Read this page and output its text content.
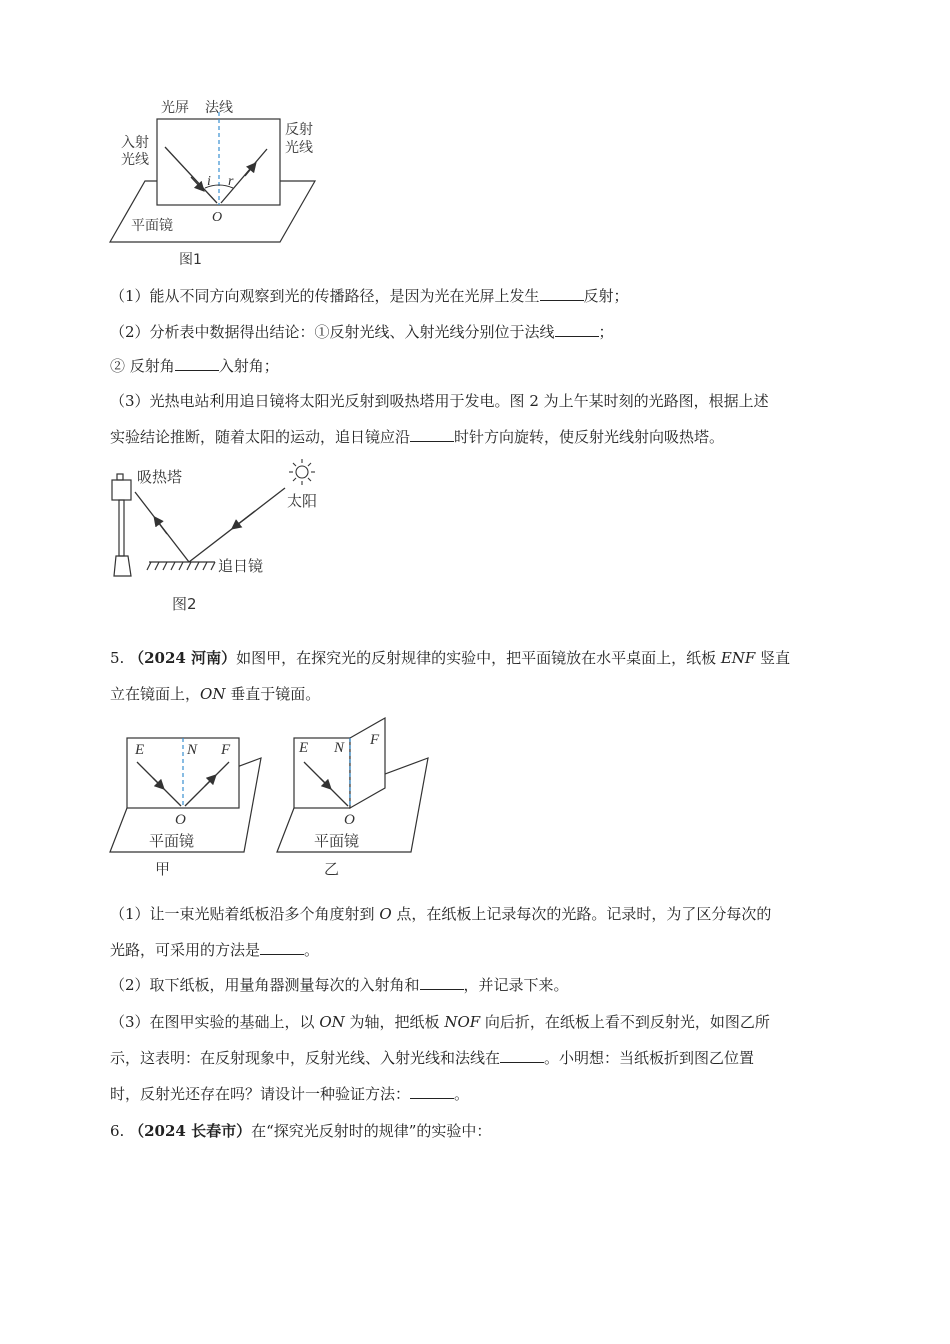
光屏 法线
入射
光线
反射
光线
i r
O
平面镜
图1
（1）能从不同方向观察到光的传播路径，是因为光在光屏上发生	反射；
（2）分析表中数据得出结论：①反射光线、入射光线分别位于法线	；
② 反射角	入射角；
（3）光热电站利用追日镜将太阳光反射到吸热塔用于发电。图 2 为上午某时刻的光路图，根据上述
实验结论推断，随着太阳的运动，追日镜应沿	时针方向旋转，使反射光线射向吸热塔。
吸热塔
太阳
追日镜
图2
5. （2024 河南）如图甲，在探究光的反射规律的实验中，把平面镜放在水平桌面上，纸板 ENF 竖直
立在镜面上，ON 垂直于镜面。
E	N F
O
平面镜
甲
E N F
O
平面镜
乙
（1）让一束光贴着纸板沿多个角度射到 O 点，在纸板上记录每次的光路。记录时，为了区分每次的
光路，可采用的方法是	。
（2）取下纸板，用量角器测量每次的入射角和	，并记录下来。
（3）在图甲实验的基础上，以 ON 为轴，把纸板 NOF 向后折，在纸板上看不到反射光，如图乙所
示，这表明：在反射现象中，反射光线、入射光线和法线在	。小明想：当纸板折到图乙位置
时，反射光还存在吗？请设计一种验证方法：	。
6. （2024 长春市）在“探究光反射时的规律”的实验中：
